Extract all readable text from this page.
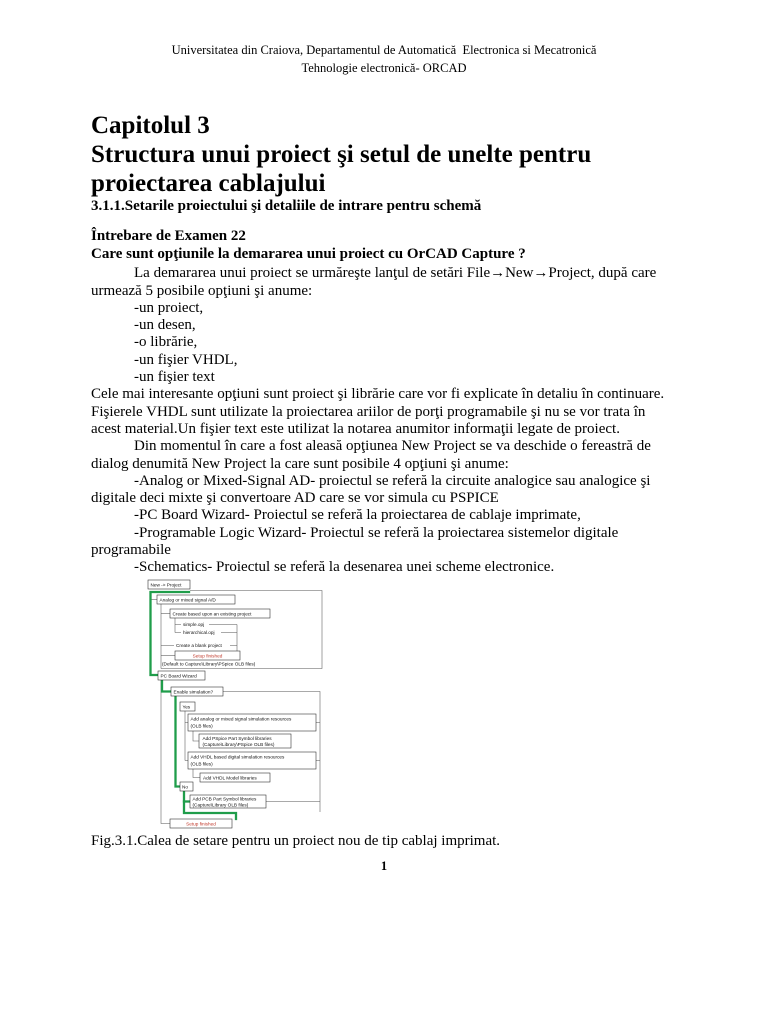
Universitatea din Craiova, Departamentul de Automatică  Electronica si Mecatronică
Tehnologie electronică- ORCAD
Capitolul 3
Structura unui proiect şi setul de unelte pentru
proiectarea cablajului
3.1.1.Setarile proiectului şi detaliile de intrare pentru schemă
Întrebare de Examen 22
Care sunt opţiunile la demararea unui proiect cu OrCAD Capture ?
La demararea unui proiect se urmăreşte lanţul de setări File→New→Project, după care
urmează 5 posibile opţiuni şi anume:
-un proiect,
-un desen,
-o librărie,
-un fişier VHDL,
-un fişier text
Cele mai interesante opţiuni sunt proiect şi librărie care vor fi explicate în detaliu în continuare.
Fişierele VHDL sunt utilizate la proiectarea ariilor de porţi programabile şi nu se vor trata în
acest material.Un fişier text este utilizat la notarea anumitor informaţii legate de proiect.
Din momentul în care a fost aleasă opţiunea New Project se va deschide o fereastră de
dialog denumită New Project la care sunt posibile 4 opţiuni şi anume:
-Analog or Mixed-Signal AD- proiectul se referă la circuite analogice sau analogice şi
digitale deci mixte şi convertoare AD care se vor simula cu PSPICE
-PC Board Wizard- Proiectul se referă la proiectarea de cablaje imprimate,
-Programable Logic Wizard- Proiectul se referă la proiectarea sistemelor digitale
programabile
-Schematics- Proiectul se referă la desenarea unei scheme electronice.
New -> Project
Analog or mixed signal A/D
Create based upon an existing project
simple.opj
hierarchical.opj
Create a blank project
Setup finished
(Default to Capture\Library\PSpice OLB files)
PC Board Wizard
Enable simulation?
Yes
Add analog or mixed signal simulation resources
(OLB files)
Add PSpice Part Symbol libraries
(Capture\Library\PSpice OLB files)
Add VHDL based digital simulation resources
(OLB files)
Add VHDL Model libraries
No
Add PCB Part Symbol libraries
(Capture\Library OLB files)
Setup finished
Fig.3.1.Calea de setare pentru un proiect nou de tip cablaj imprimat.
1
